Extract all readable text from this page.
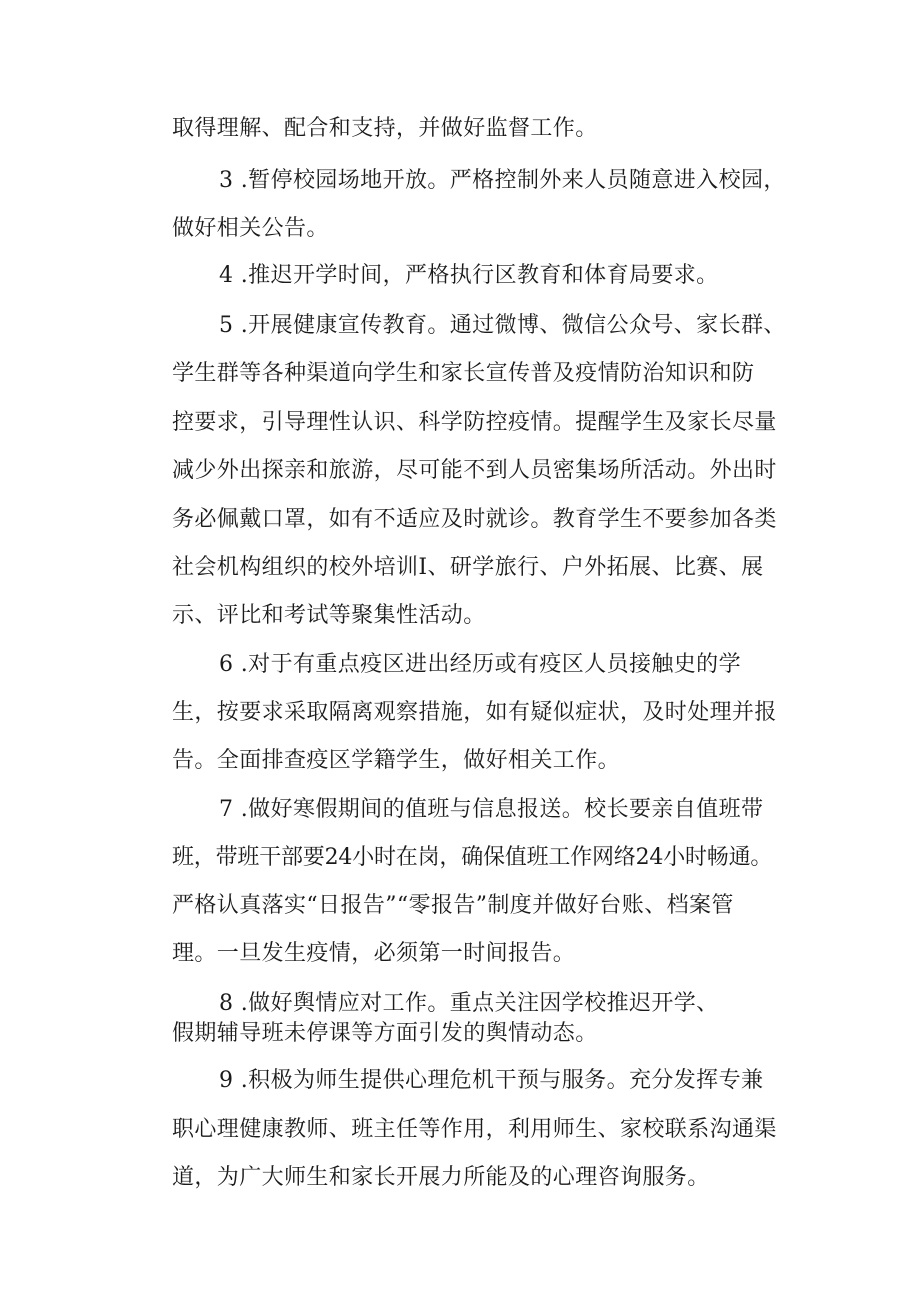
取得理解、配合和支持，并做好监督工作。
3 .暂停校园场地开放。严格控制外来人员随意进入校园，
做好相关公告。
4 .推迟开学时间，严格执行区教育和体育局要求。
5 .开展健康宣传教育。通过微博、微信公众号、家长群、
学生群等各种渠道向学生和家长宣传普及疫情防治知识和防
控要求，引导理性认识、科学防控疫情。提醒学生及家长尽量
减少外出探亲和旅游，尽可能不到人员密集场所活动。外出时
务必佩戴口罩，如有不适应及时就诊。教育学生不要参加各类
社会机构组织的校外培训I、研学旅行、户外拓展、比赛、展
示、评比和考试等聚集性活动。
6 .对于有重点疫区进出经历或有疫区人员接触史的学
生，按要求采取隔离观察措施，如有疑似症状，及时处理并报
告。全面排查疫区学籍学生，做好相关工作。
7 .做好寒假期间的值班与信息报送。校长要亲自值班带
班，带班干部要24小时在岗，确保值班工作网络24小时畅通。
严格认真落实“日报告”“零报告”制度并做好台账、档案管
理。一旦发生疫情，必须第一时间报告。
8 .做好舆情应对工作。重点关注因学校推迟开学、
假期辅导班未停课等方面引发的舆情动态。
9 .积极为师生提供心理危机干预与服务。充分发挥专兼
职心理健康教师、班主任等作用，利用师生、家校联系沟通渠
道，为广大师生和家长开展力所能及的心理咨询服务。
